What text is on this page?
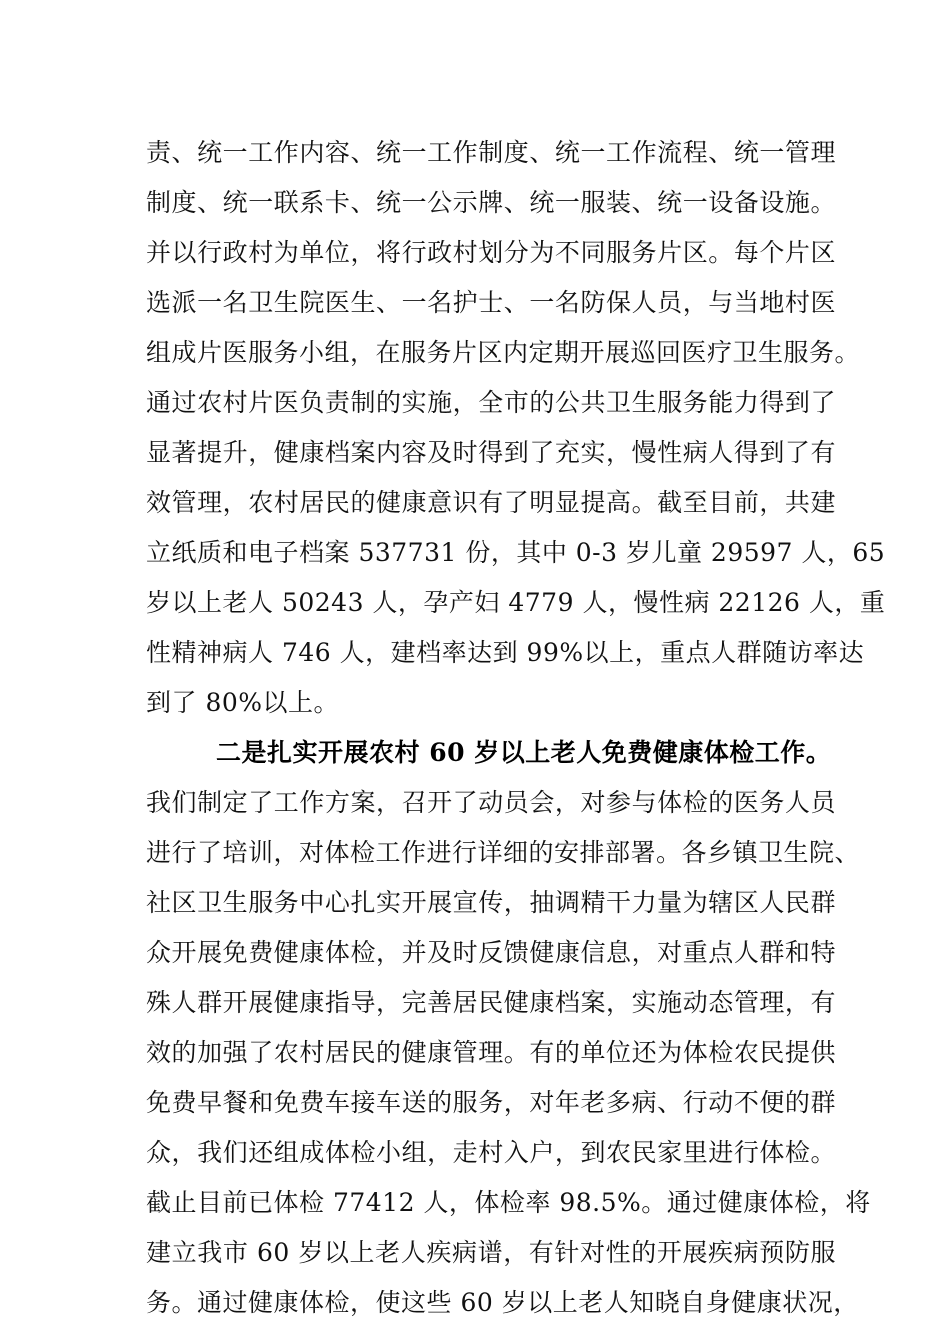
责、统一工作内容、统一工作制度、统一工作流程、统一管理
制度、统一联系卡、统一公示牌、统一服装、统一设备设施。
并以行政村为单位，将行政村划分为不同服务片区。每个片区
选派一名卫生院医生、一名护士、一名防保人员，与当地村医
组成片医服务小组，在服务片区内定期开展巡回医疗卫生服务。
通过农村片医负责制的实施，全市的公共卫生服务能力得到了
显著提升，健康档案内容及时得到了充实，慢性病人得到了有
效管理，农村居民的健康意识有了明显提高。截至目前，共建
立纸质和电子档案 537731 份，其中 0-3 岁儿童 29597 人，65
岁以上老人 50243 人，孕产妇 4779 人，慢性病 22126 人，重
性精神病人 746 人，建档率达到 99%以上，重点人群随访率达
到了 80%以上。
二是扎实开展农村 60 岁以上老人免费健康体检工作。
我们制定了工作方案，召开了动员会，对参与体检的医务人员
进行了培训，对体检工作进行详细的安排部署。各乡镇卫生院、
社区卫生服务中心扎实开展宣传，抽调精干力量为辖区人民群
众开展免费健康体检，并及时反馈健康信息，对重点人群和特
殊人群开展健康指导，完善居民健康档案，实施动态管理，有
效的加强了农村居民的健康管理。有的单位还为体检农民提供
免费早餐和免费车接车送的服务，对年老多病、行动不便的群
众，我们还组成体检小组，走村入户，到农民家里进行体检。
截止目前已体检 77412 人，体检率 98.5%。通过健康体检，将
建立我市 60 岁以上老人疾病谱，有针对性的开展疾病预防服
务。通过健康体检，使这些 60 岁以上老人知晓自身健康状况，
